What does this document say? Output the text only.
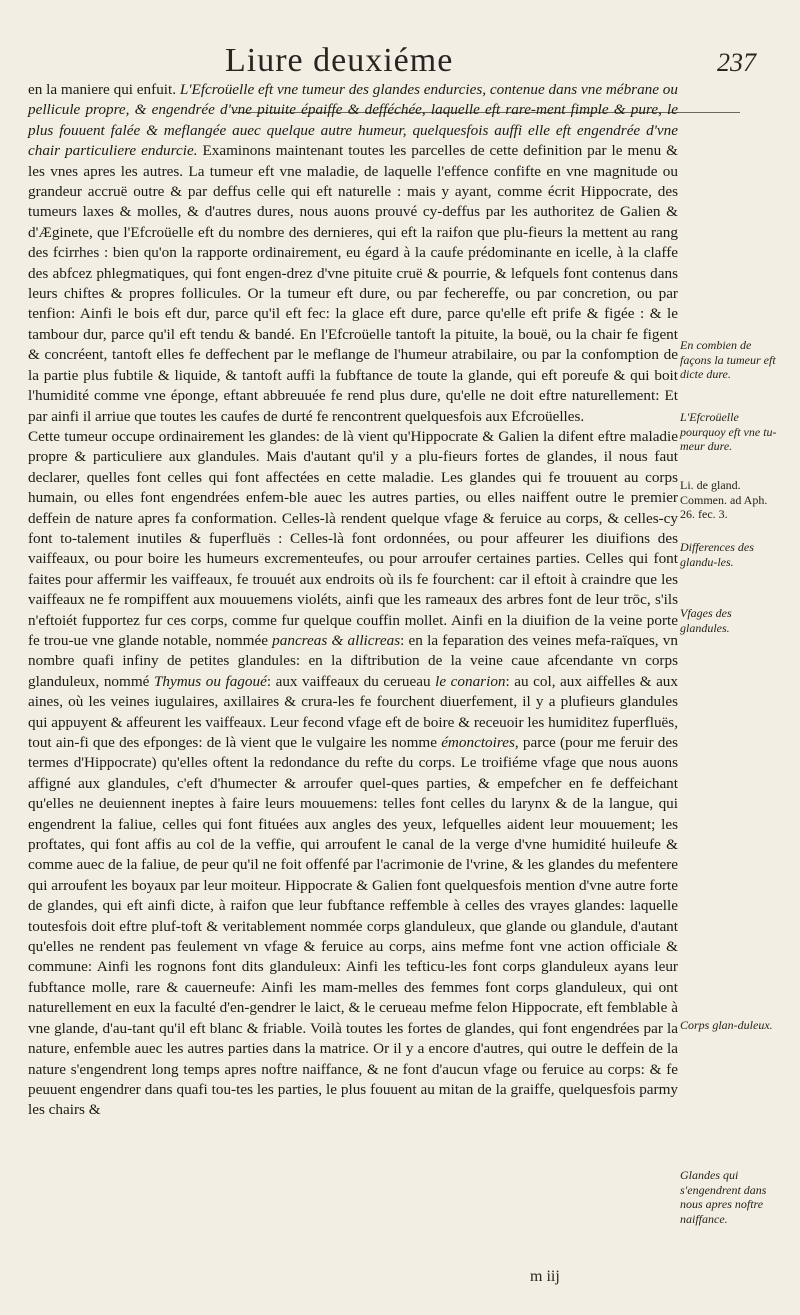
Liure deuxiéme	237

en la maniere qui enfuit. L'Efcroüelle eft vne tumeur des glandes endurcies, contenue dans vne mébrane ou pellicule propre, & engendrée d'vne pituite épaiffe & defféchée, laquelle eft rare-ment fimple & pure, le plus fouuent falée & meflangée auec quelque autre humeur, quelquesfois auffi elle eft engendrée d'vne chair particuliere endurcie. Examinons maintenant toutes les parcelles de cette definition par le menu & les vnes apres les autres. La tumeur eft vne maladie, de laquelle l'effence confifte en vne magnitude ou grandeur accruë outre & par deffus celle qui eft naturelle : mais y ayant, comme écrit Hippocrate, des tumeurs laxes & molles, & d'autres dures, nous auons prouvé cy-deffus par les authoritez de Galien & d'Æginete, que l'Efcroüelle eft du nombre des dernieres, qui eft la raifon que plu-fieurs la mettent au rang des fcirrhes : bien qu'on la rapporte ordinairement, eu égard à la caufe prédominante en icelle, à la claffe des abfcez phlegmatiques, qui font engen-drez d'vne pituite cruë & pourrie, & lefquels font contenus dans leurs chiftes & propres follicules. Or la tumeur eft dure, ou par fechereffe, ou par concretion, ou par tenfion: Ainfi le bois eft dur, parce qu'il eft fec: la glace eft dure, parce qu'elle eft prife & figée : & le tambour dur, parce qu'il eft tendu & bandé. En l'Efcroüelle tantoft la pituite, la bouë, ou la chair fe figent & concréent, tantoft elles fe deffechent par le meflange de l'humeur atrabilaire, ou par la confomption de la partie plus fubtile & liquide, & tantoft auffi la fubftance de toute la glande, qui eft poreufe & qui boit l'humidité comme vne éponge, eftant abbreuuée fe rend plus dure, qu'elle ne doit eftre naturellement: Et par ainfi il arriue que toutes les caufes de durté fe rencontrent quelquesfois aux Efcroüelles.

Cette tumeur occupe ordinairement les glandes: de là vient qu'Hippocrate & Galien la difent eftre maladie propre & particuliere aux glandules. Mais d'autant qu'il y a plu-fieurs fortes de glandes, il nous faut declarer, quelles font celles qui font affectées en cette maladie. Les glandes qui fe trouuent au corps humain, ou elles font engendrées enfem-ble auec les autres parties, ou elles naiffent outre le premier deffein de nature apres fa conformation. Celles-là rendent quelque vfage & feruice au corps, & celles-cy font to-talement inutiles & fuperfluës : Celles-là font ordonnées, ou pour affeurer les diuifions des vaiffeaux, ou pour boire les humeurs excrementeufes, ou pour arroufer certaines parties. Celles qui font faites pour affermir les vaiffeaux, fe trouuét aux endroits où ils fe fourchent: car il eftoit à craindre que les vaiffeaux ne fe rompiffent aux mouuemens violéts, ainfi que les rameaux des arbres font de leur trōc, s'ils n'eftoiét fupportez fur ces corps, comme fur quelque couffin mollet. Ainfi en la diuifion de la veine porte fe trou-ue vne glande notable, nommée pancreas & allicreas: en la feparation des veines mefa-raïques, vn nombre quafi infiny de petites glandules: en la diftribution de la veine caue afcendante vn corps glanduleux, nommé Thymus ou fagoué: aux vaiffeaux du cerueau le conarion: au col, aux aiffelles & aux aines, où les veines iugulaires, axillaires & crura-les fe fourchent diuerfement, il y a plufieurs glandules qui appuyent & affeurent les vaiffeaux. Leur fecond vfage eft de boire & receuoir les humiditez fuperfluës, tout ain-fi que des efponges: de là vient que le vulgaire les nomme émonctoires, parce (pour me feruir des termes d'Hippocrate) qu'elles oftent la redondance du refte du corps. Le troifiéme vfage que nous auons affigné aux glandules, c'eft d'humecter & arroufer quel-ques parties, & empefcher en fe deffeichant qu'elles ne deuiennent ineptes à faire leurs mouuemens: telles font celles du larynx & de la langue, qui engendrent la faliue, celles qui font fituées aux angles des yeux, lefquelles aident leur mouuement; les proftates, qui font affis au col de la veffie, qui arroufent le canal de la verge d'vne humidité huileufe & comme auec de la faliue, de peur qu'il ne foit offenfé par l'acrimonie de l'vrine, & les glandes du mefentere qui arroufent les boyaux par leur moiteur. Hippocrate & Galien font quelquesfois mention d'vne autre forte de glandes, qui eft ainfi dicte, à raifon que leur fubftance reffemble à celles des vrayes glandes: laquelle toutesfois doit eftre pluf-toft & veritablement nommée corps glanduleux, que glande ou glandule, d'autant qu'elles ne rendent pas feulement vn vfage & feruice au corps, ains mefme font vne action officiale & commune: Ainfi les rognons font dits glanduleux: Ainfi les tefticu-les font corps glanduleux ayans leur fubftance molle, rare & cauerneufe: Ainfi les mam-melles des femmes font corps glanduleux, qui ont naturellement en eux la faculté d'en-gendrer le laict, & le cerueau mefme felon Hippocrate, eft femblable à vne glande, d'au-tant qu'il eft blanc & friable. Voilà toutes les fortes de glandes, qui font engendrées par la nature, enfemble auec les autres parties dans la matrice. Or il y a encore d'autres, qui outre le deffein de la nature s'engendrent long temps apres noftre naiffance, & ne font d'aucun vfage ou feruice au corps: & fe peuuent engendrer dans quafi tou-tes les parties, le plus fouuent au mitan de la graiffe, quelquesfois parmy les chairs &

En combien de façons la tumeur eft dicte dure.
L'Efcroüelle pourquoy eft vne tu-meur dure.
Li. de gland. Commen. ad Aph. 26. fec. 3.
Differences des glandu-les.
Vfages des glandules.
Corps glan-duleux.
Glandes qui s'engendrent dans nous apres noftre naiffance.
m iij
